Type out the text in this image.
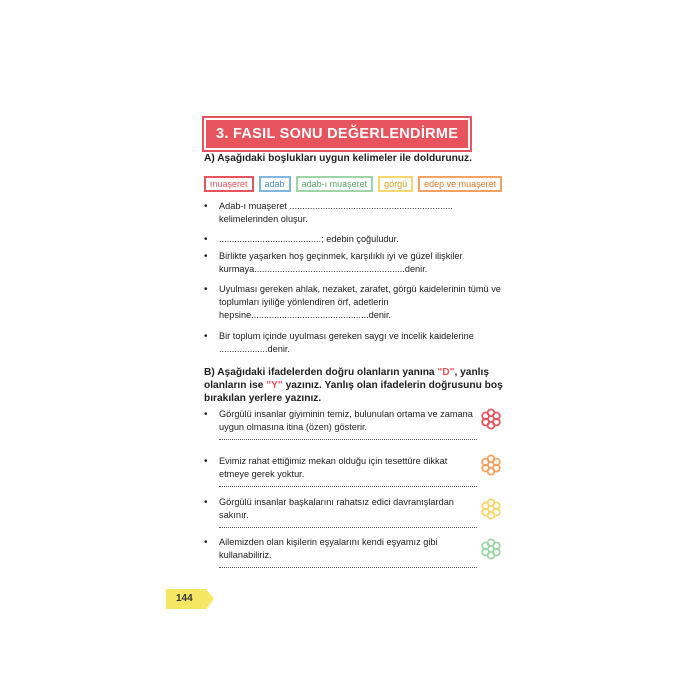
3. FASIL SONU DEĞERLENDİRME
A) Aşağıdaki boşlukları uygun kelimeler ile doldurunuz.
muaşeret	adab	adab-ı muaşeret	görgü	edep ve muaşeret
• Adab-ı muaşeret ................................................................ kelimelerinden oluşur.
• ........................................; edebin çoğuludur.
• Birlikte yaşarken hoş geçinmek, karşılıklı iyi ve güzel ilişkiler kurmaya...........................................................denir.
• Uyulması gereken ahlak, nezaket, zarafet, görgü kaidelerinin tümü ve toplumları iyiliğe yönlendiren örf, adetlerin hepsine..............................................denir.
• Bir toplum içinde uyulması gereken saygı ve incelik kaidelerine ...................denir.
B) Aşağıdaki ifadelerden doğru olanların yanına "D", yanlış olanların ise "Y" yazınız. Yanlış olan ifadelerin doğrusunu boş bırakılan yerlere yazınız.
• Görgülü insanlar giyiminin temiz, bulunulan ortama ve zamana uygun olmasına itina (özen) gösterir.
• Evimiz rahat ettiğimiz mekan olduğu için tesettüre dikkat etmeye gerek yoktur.
• Görgülü insanlar başkalarını rahatsız edici davranışlardan sakınır.
• Ailemizden olan kişilerin eşyalarını kendi eşyamız gibi kullanabiliriz.
144
